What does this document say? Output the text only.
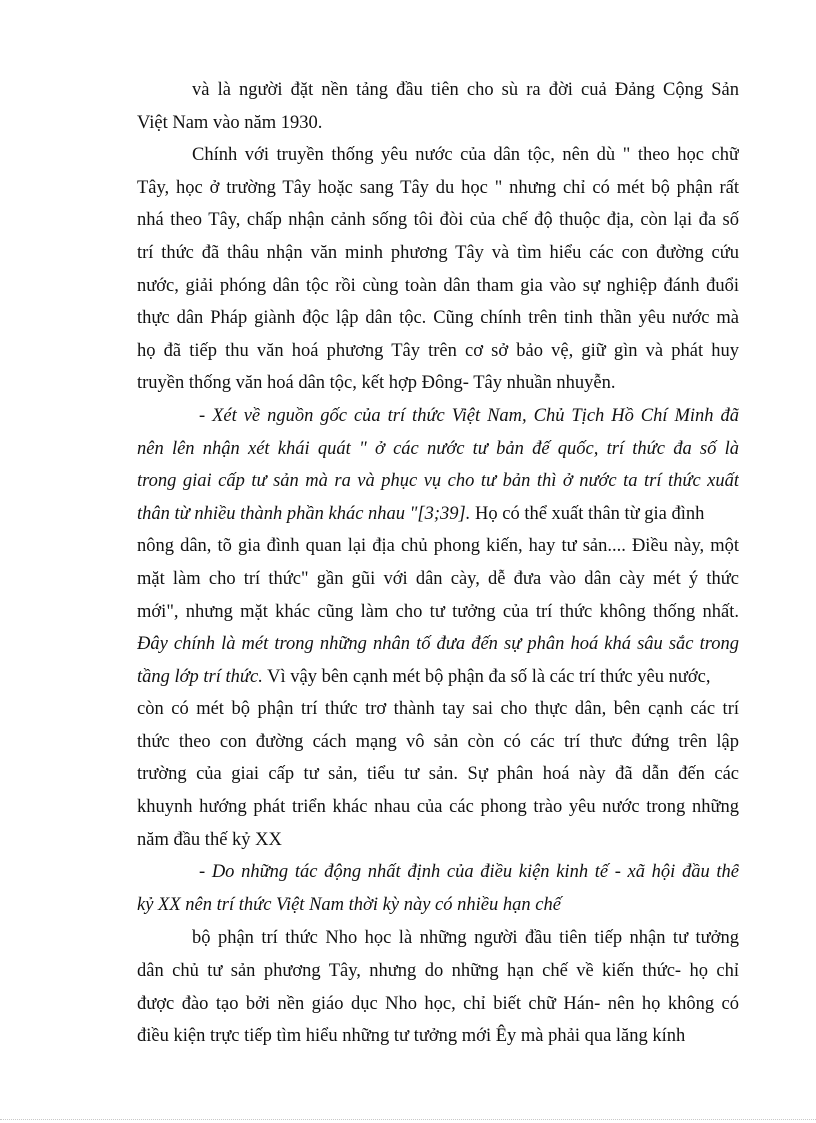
và là người đặt nền tảng đầu tiên cho sù ra đời cuả Đảng Cộng Sản
Việt Nam vào năm 1930.
Chính với truyền thống yêu nước của dân tộc, nên dù " theo học chữ
Tây, học ở trường Tây hoặc sang Tây du học " nhưng chỉ có mét bộ phận rất
nhá theo Tây, chấp nhận cảnh sống tôi đòi của chế độ thuộc địa, còn lại đa số
trí thức đã thâu nhận văn minh phương Tây và tìm hiểu các con đường cứu
nước, giải phóng dân tộc rồi cùng toàn dân tham gia vào sự nghiệp đánh đuổi
thực dân Pháp giành độc lập dân tộc. Cũng chính trên tinh thần yêu nước mà
họ đã tiếp thu văn hoá phương Tây trên cơ sở bảo vệ, giữ gìn và phát huy
truyền thống văn hoá dân tộc, kết hợp Đông- Tây nhuần nhuyễn.
- Xét về nguồn gốc của trí thức Việt Nam, Chủ Tịch Hồ Chí Minh đã
nên lên nhận xét khái quát " ở các nước tư bản đế quốc, trí thức đa số là
trong giai cấp tư sản mà ra và phục vụ cho tư bản thì ở nước ta trí thức xuất
thân từ nhiều thành phần khác nhau "[3;39]. Họ có thể xuất thân từ gia đình
nông dân, tõ gia đình quan lại địa chủ phong kiến, hay tư sản.... Điều này, một
mặt làm cho trí thức" gần gũi với dân cày, dễ đưa vào dân cày mét ý thức
mới", nhưng mặt khác cũng làm cho tư tưởng của trí thức không thống nhất.
Đây chính là mét trong những nhân tố đưa đến sự phân hoá khá sâu sắc trong
tầng lớp trí thức. Vì vậy bên cạnh mét bộ phận đa số là các trí thức yêu nước,
còn có mét bộ phận trí thức trơ thành tay sai cho thực dân, bên cạnh các trí
thức theo con đường cách mạng vô sản còn có các trí thưc đứng trên lập
trường của giai cấp tư sản, tiểu tư sản. Sự phân hoá này đã dẫn đến các
khuynh hướng phát triển khác nhau của các phong trào yêu nước trong những
năm đầu thế kỷ XX
- Do những tác động nhất định của điều kiện kinh tế - xã hội đầu thế
kỷ XX nên trí thức Việt Nam thời kỳ này có nhiều hạn chế
bộ phận trí thức Nho học là những người đầu tiên tiếp nhận tư tưởng
dân chủ tư sản phương Tây, nhưng do những hạn chế về kiến thức- họ chỉ
được đào tạo bởi nền giáo dục Nho học, chỉ biết chữ Hán- nên họ không có
điều kiện trực tiếp tìm hiểu những tư tưởng mới Êy mà phải qua lăng kính
